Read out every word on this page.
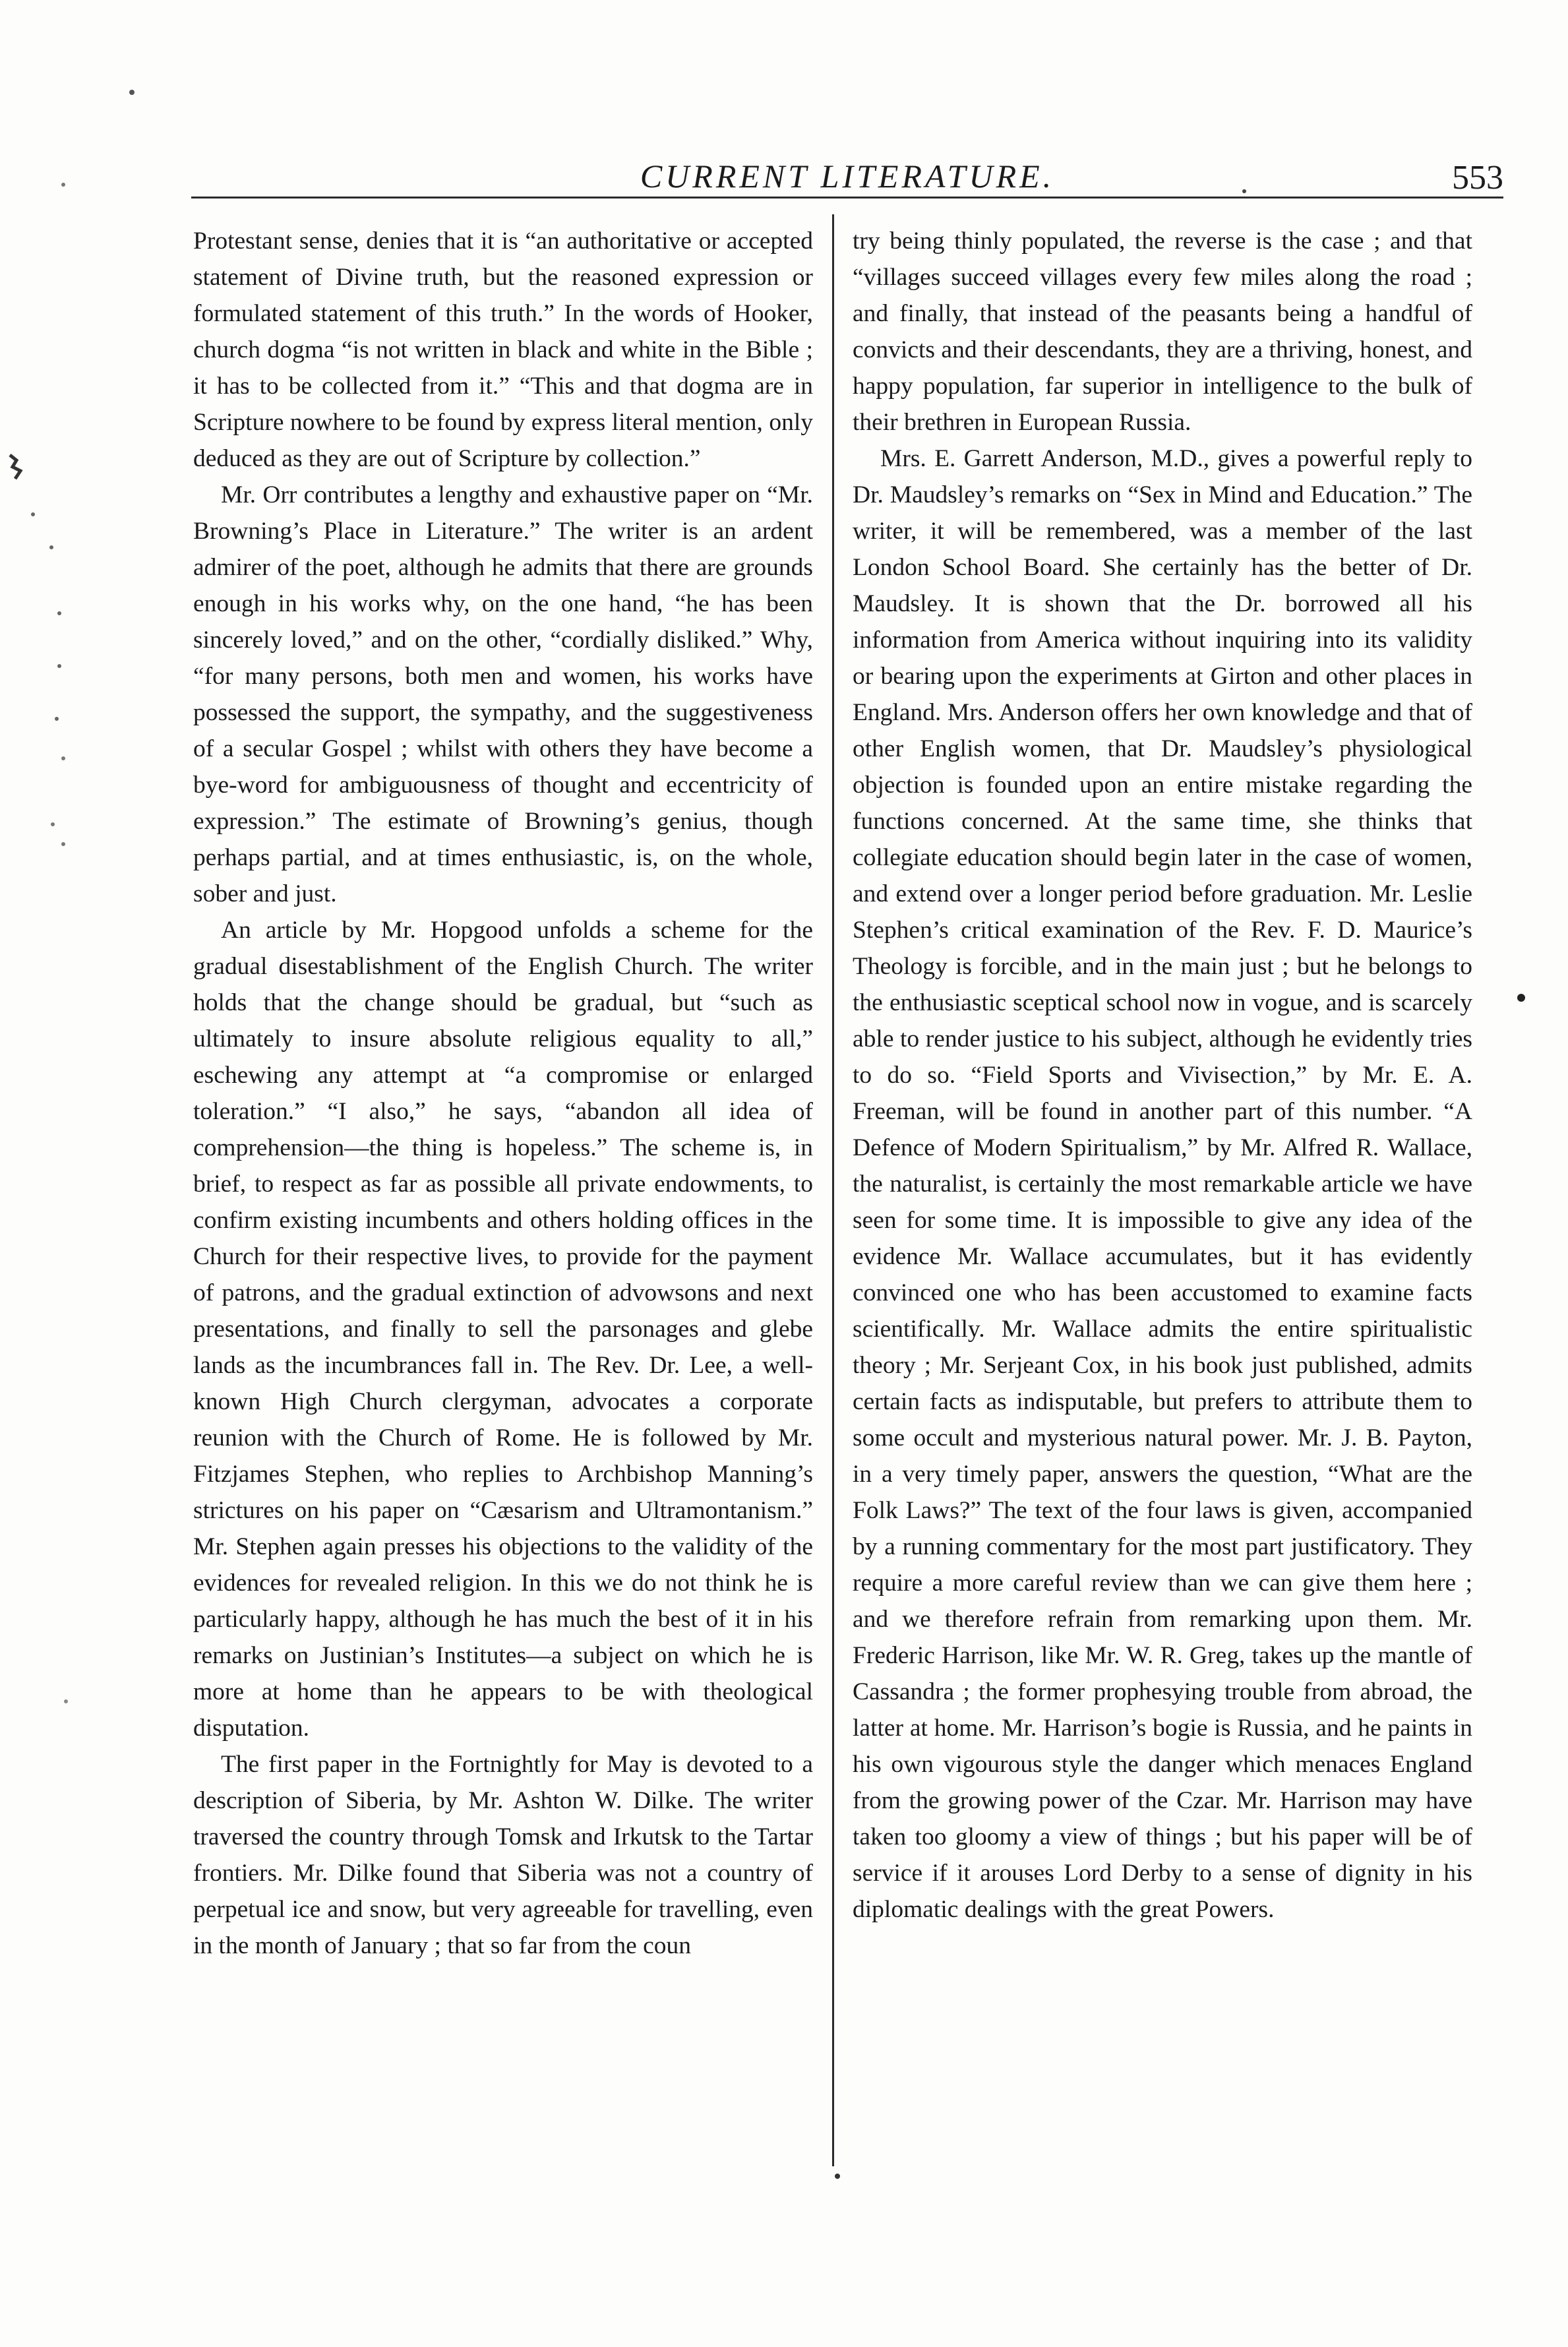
CURRENT LITERATURE.	553

Protestant sense, denies that it is “an authoritative or accepted statement of Divine truth, but the reasoned expression or formulated statement of this truth.” In the words of Hooker, church dogma “is not written in black and white in the Bible ; it has to be collected from it.” “This and that dogma are in Scripture nowhere to be found by express literal mention, only deduced as they are out of Scripture by collection.”

Mr. Orr contributes a lengthy and exhaustive paper on “Mr. Browning’s Place in Literature.” The writer is an ardent admirer of the poet, although he admits that there are grounds enough in his works why, on the one hand, “he has been sincerely loved,” and on the other, “cordially disliked.” Why, “for many persons, both men and women, his works have possessed the support, the sympathy, and the suggestiveness of a secular Gospel ; whilst with others they have become a bye-word for ambiguousness of thought and eccentricity of expression.” The estimate of Browning’s genius, though perhaps partial, and at times enthusiastic, is, on the whole, sober and just.

An article by Mr. Hopgood unfolds a scheme for the gradual disestablishment of the English Church. The writer holds that the change should be gradual, but “such as ultimately to insure absolute religious equality to all,” eschewing any attempt at “a compromise or enlarged toleration.” “I also,” he says, “abandon all idea of comprehension—the thing is hopeless.” The scheme is, in brief, to respect as far as possible all private endowments, to confirm existing incumbents and others holding offices in the Church for their respective lives, to provide for the payment of patrons, and the gradual extinction of advowsons and next presentations, and finally to sell the parsonages and glebe lands as the incumbrances fall in. The Rev. Dr. Lee, a well-known High Church clergyman, advocates a corporate reunion with the Church of Rome. He is followed by Mr. Fitzjames Stephen, who replies to Archbishop Manning’s strictures on his paper on “Cæsarism and Ultramontanism.” Mr. Stephen again presses his objections to the validity of the evidences for revealed religion. In this we do not think he is particularly happy, although he has much the best of it in his remarks on Justinian’s Institutes—a subject on which he is more at home than he appears to be with theological disputation.

The first paper in the Fortnightly for May is devoted to a description of Siberia, by Mr. Ashton W. Dilke. The writer traversed the country through Tomsk and Irkutsk to the Tartar frontiers. Mr. Dilke found that Siberia was not a country of perpetual ice and snow, but very agreeable for travelling, even in the month of January ; that so far from the coun

try being thinly populated, the reverse is the case ; and that “villages succeed villages every few miles along the road ; and finally, that instead of the peasants being a handful of convicts and their descendants, they are a thriving, honest, and happy population, far superior in intelligence to the bulk of their brethren in European Russia.

Mrs. E. Garrett Anderson, M.D., gives a powerful reply to Dr. Maudsley’s remarks on “Sex in Mind and Education.” The writer, it will be remembered, was a member of the last London School Board. She certainly has the better of Dr. Maudsley. It is shown that the Dr. borrowed all his information from America without inquiring into its validity or bearing upon the experiments at Girton and other places in England. Mrs. Anderson offers her own knowledge and that of other English women, that Dr. Maudsley’s physiological objection is founded upon an entire mistake regarding the functions concerned. At the same time, she thinks that collegiate education should begin later in the case of women, and extend over a longer period before graduation. Mr. Leslie Stephen’s critical examination of the Rev. F. D. Maurice’s Theology is forcible, and in the main just ; but he belongs to the enthusiastic sceptical school now in vogue, and is scarcely able to render justice to his subject, although he evidently tries to do so. “Field Sports and Vivisection,” by Mr. E. A. Freeman, will be found in another part of this number. “A Defence of Modern Spiritualism,” by Mr. Alfred R. Wallace, the naturalist, is certainly the most remarkable article we have seen for some time. It is impossible to give any idea of the evidence Mr. Wallace accumulates, but it has evidently convinced one who has been accustomed to examine facts scientifically. Mr. Wallace admits the entire spiritualistic theory ; Mr. Serjeant Cox, in his book just published, admits certain facts as indisputable, but prefers to attribute them to some occult and mysterious natural power. Mr. J. B. Payton, in a very timely paper, answers the question, “What are the Folk Laws?” The text of the four laws is given, accompanied by a running commentary for the most part justificatory. They require a more careful review than we can give them here ; and we therefore refrain from remarking upon them. Mr. Frederic Harrison, like Mr. W. R. Greg, takes up the mantle of Cassandra ; the former prophesying trouble from abroad, the latter at home. Mr. Harrison’s bogie is Russia, and he paints in his own vigourous style the danger which menaces England from the growing power of the Czar. Mr. Harrison may have taken too gloomy a view of things ; but his paper will be of service if it arouses Lord Derby to a sense of dignity in his diplomatic dealings with the great Powers.
